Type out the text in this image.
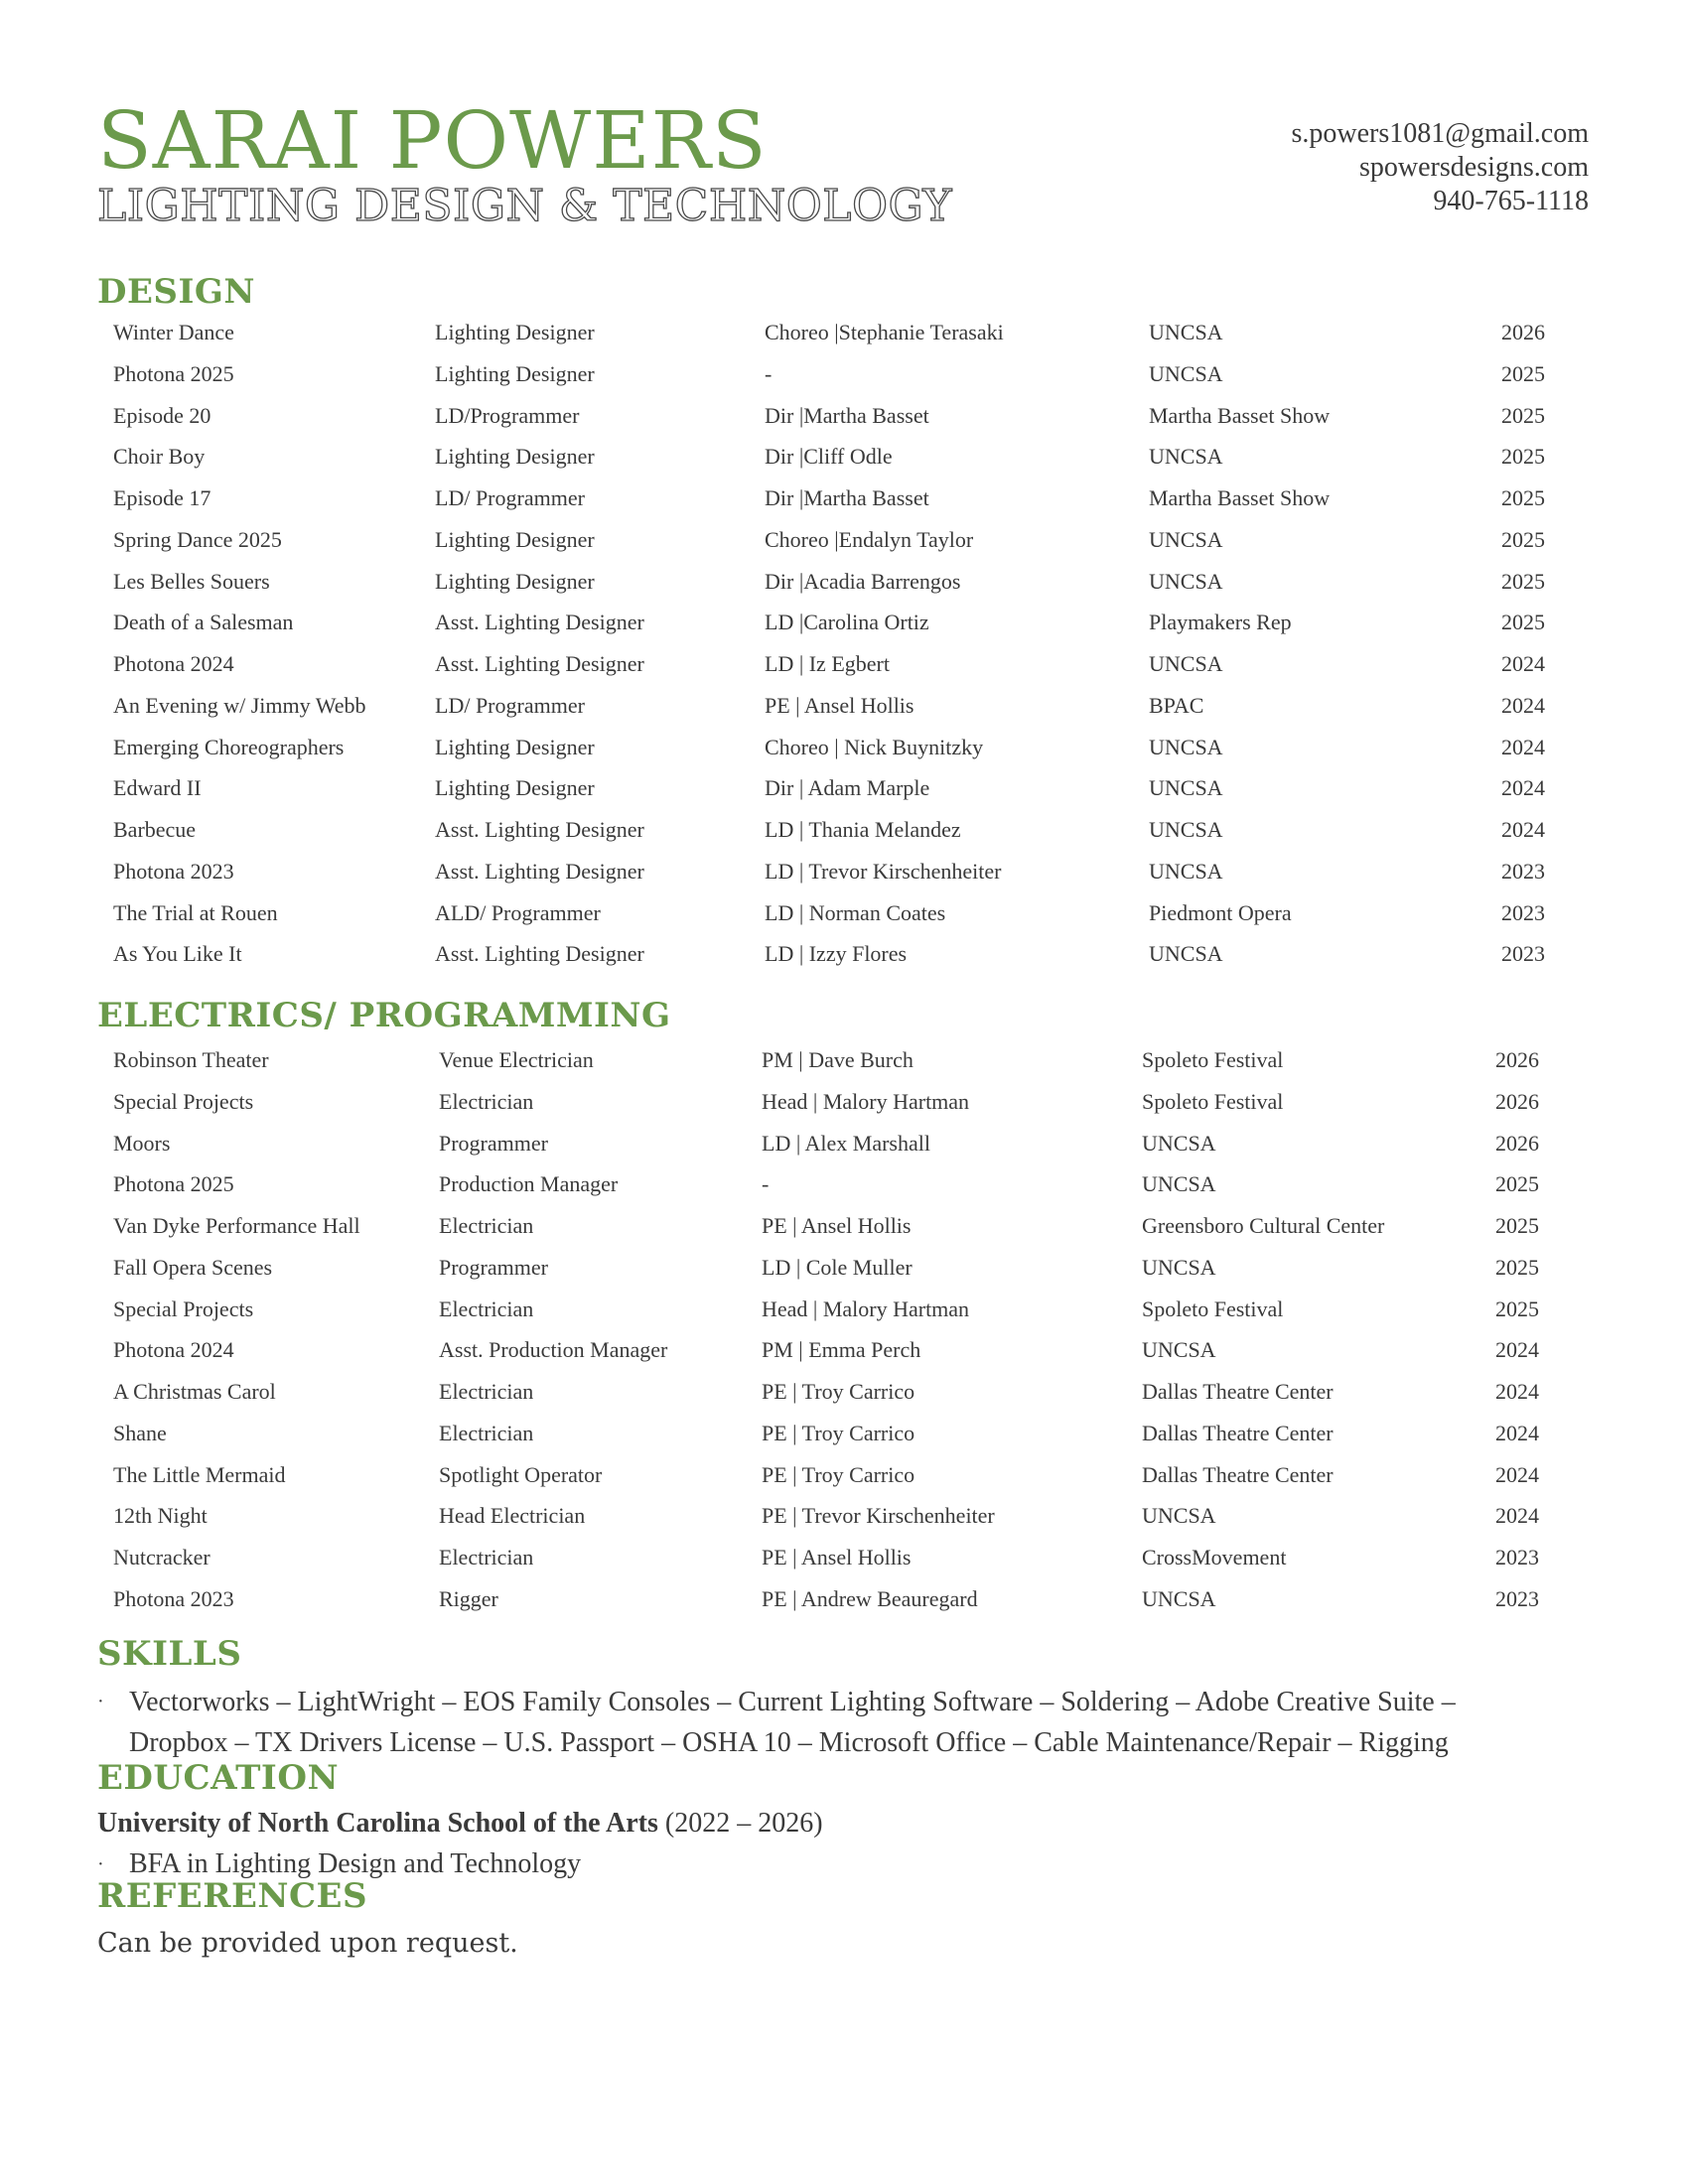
SARAI POWERS
LIGHTING DESIGN & TECHNOLOGY
s.powers1081@gmail.com
spowersdesigns.com
940-765-1118
DESIGN
Winter Dance	Lighting Designer	Choreo |Stephanie Terasaki	UNCSA	2026
Photona 2025	Lighting Designer	-	UNCSA	2025
Episode 20	LD/Programmer	Dir |Martha Basset	Martha Basset Show	2025
Choir Boy	Lighting Designer	Dir |Cliff Odle	UNCSA	2025
Episode 17	LD/ Programmer	Dir |Martha Basset	Martha Basset Show	2025
Spring Dance 2025	Lighting Designer	Choreo |Endalyn Taylor	UNCSA	2025
Les Belles Souers	Lighting Designer	Dir |Acadia Barrengos	UNCSA	2025
Death of a Salesman	Asst. Lighting Designer	LD |Carolina Ortiz	Playmakers Rep	2025
Photona 2024	Asst. Lighting Designer	LD | Iz Egbert	UNCSA	2024
An Evening w/ Jimmy Webb	LD/ Programmer	PE | Ansel Hollis	BPAC	2024
Emerging Choreographers	Lighting Designer	Choreo | Nick Buynitzky	UNCSA	2024
Edward II	Lighting Designer	Dir | Adam Marple	UNCSA	2024
Barbecue	Asst. Lighting Designer	LD | Thania Melandez	UNCSA	2024
Photona 2023	Asst. Lighting Designer	LD | Trevor Kirschenheiter	UNCSA	2023
The Trial at Rouen	ALD/ Programmer	LD | Norman Coates	Piedmont Opera	2023
As You Like It	Asst. Lighting Designer	LD | Izzy Flores	UNCSA	2023
ELECTRICS/ PROGRAMMING
Robinson Theater	Venue Electrician	PM | Dave Burch	Spoleto Festival	2026
Special Projects	Electrician	Head | Malory Hartman	Spoleto Festival	2026
Moors	Programmer	LD | Alex Marshall	UNCSA	2026
Photona 2025	Production Manager	-	UNCSA	2025
Van Dyke Performance Hall	Electrician	PE | Ansel Hollis	Greensboro Cultural Center	2025
Fall Opera Scenes	Programmer	LD | Cole Muller	UNCSA	2025
Special Projects	Electrician	Head | Malory Hartman	Spoleto Festival	2025
Photona 2024	Asst. Production Manager	PM | Emma Perch	UNCSA	2024
A Christmas Carol	Electrician	PE | Troy Carrico	Dallas Theatre Center	2024
Shane	Electrician	PE | Troy Carrico	Dallas Theatre Center	2024
The Little Mermaid	Spotlight Operator	PE | Troy Carrico	Dallas Theatre Center	2024
12th Night	Head Electrician	PE | Trevor Kirschenheiter	UNCSA	2024
Nutcracker	Electrician	PE | Ansel Hollis	CrossMovement	2023
Photona 2023	Rigger	PE | Andrew Beauregard	UNCSA	2023
SKILLS
· Vectorworks – LightWright – EOS Family Consoles – Current Lighting Software – Soldering – Adobe Creative Suite –
Dropbox – TX Drivers License – U.S. Passport – OSHA 10 – Microsoft Office – Cable Maintenance/Repair – Rigging
EDUCATION
University of North Carolina School of the Arts (2022 – 2026)
· BFA in Lighting Design and Technology
REFERENCES
Can be provided upon request.
